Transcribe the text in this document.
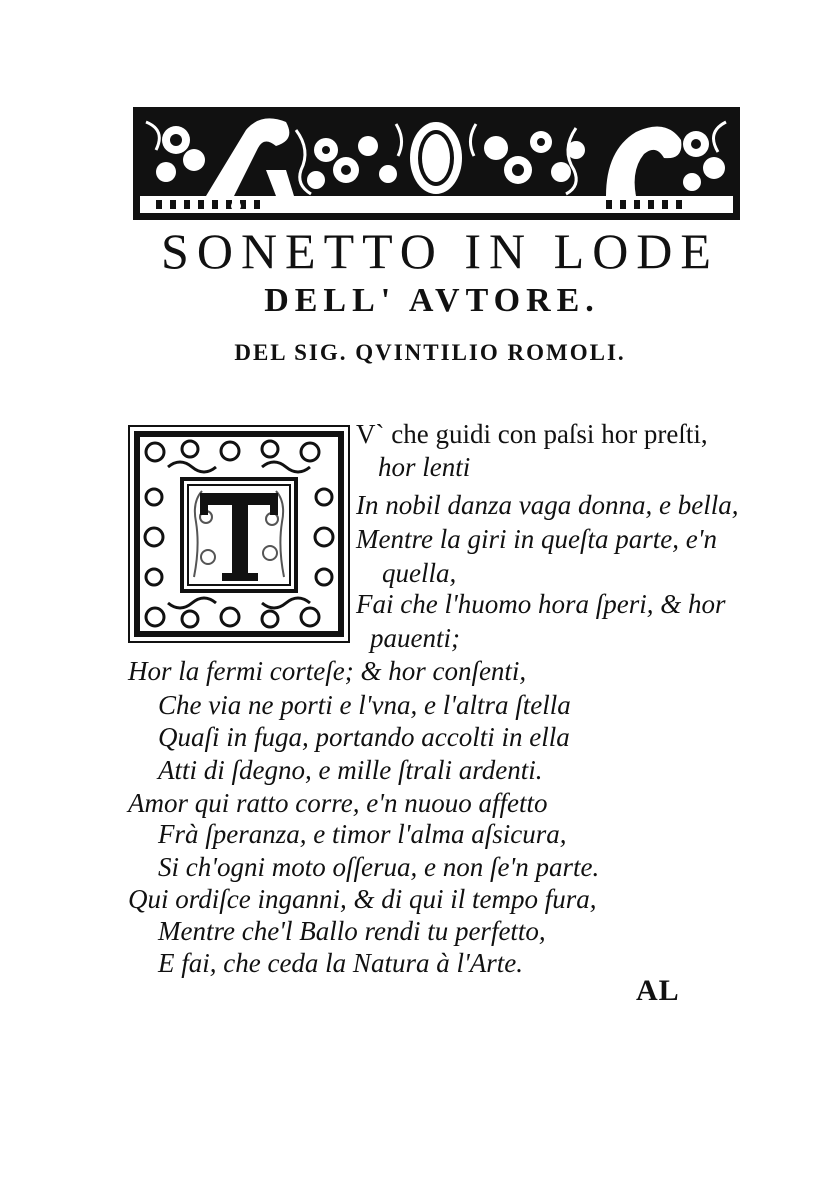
SONETTO IN LODE
DELL' AVTORE.
DEL SIG. QVINTILIO ROMOLI.
V` che guidi con paſsi hor preſti,
hor lenti
In nobil danza vaga donna, e bella,
Mentre la giri in queſta parte, e'n
quella,
Fai che l'huomo hora ſperi, & hor
pauenti;
Hor la fermi corteſe; & hor conſenti,
Che via ne porti e l'vna, e l'altra ſtella
Quaſi in fuga, portando accolti in ella
Atti di ſdegno, e mille ſtrali ardenti.
Amor qui ratto corre, e'n nuouo affetto
Frà ſperanza, e timor l'alma aſsicura,
Si ch'ogni moto oſſerua, e non ſe'n parte.
Qui ordiſce inganni, & di qui il tempo fura,
Mentre che'l Ballo rendi tu perfetto,
E fai, che ceda la Natura à l'Arte.
AL
